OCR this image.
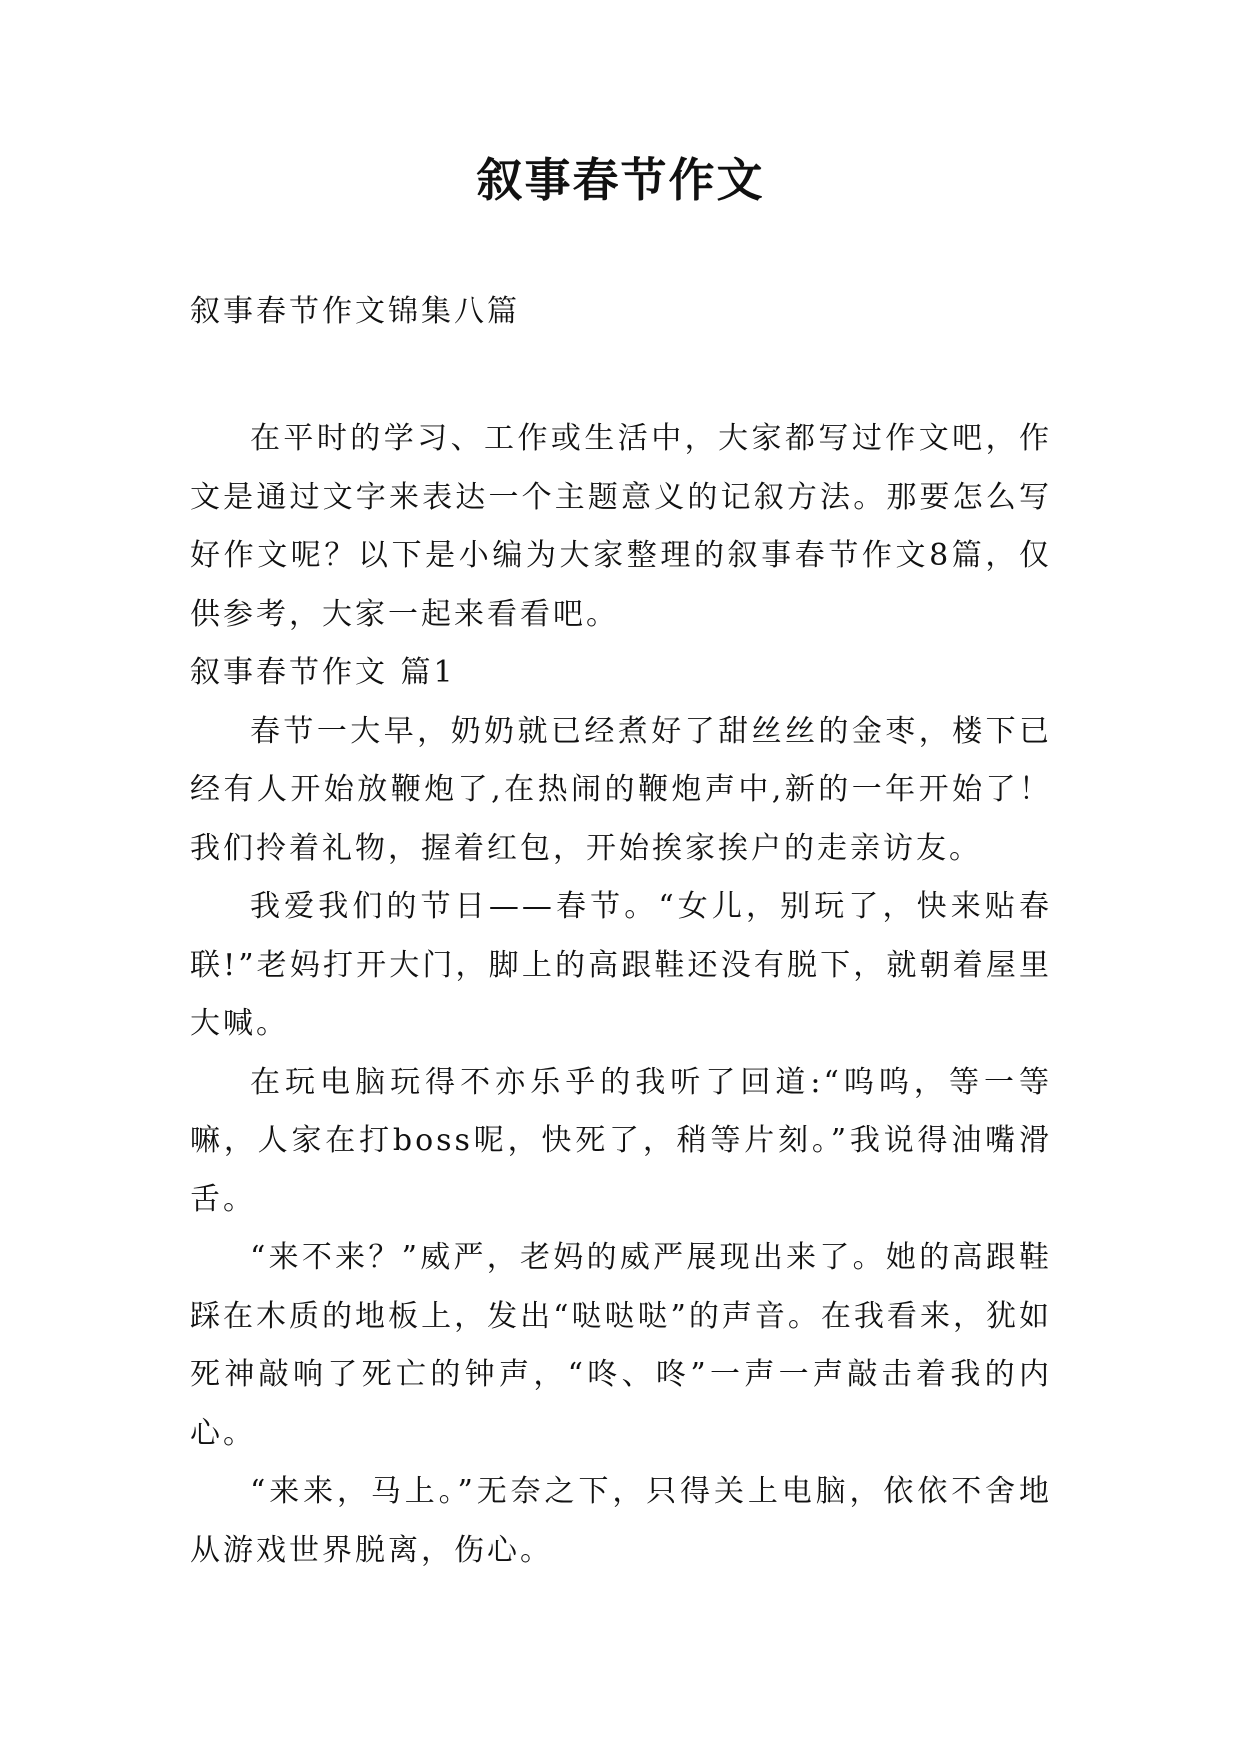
叙事春节作文
叙事春节作文锦集八篇

在平时的学习、工作或生活中，大家都写过作文吧，作文是通过文字来表达一个主题意义的记叙方法。那要怎么写好作文呢？以下是小编为大家整理的叙事春节作文8篇，仅供参考，大家一起来看看吧。

叙事春节作文 篇1

春节一大早，奶奶就已经煮好了甜丝丝的金枣，楼下已经有人开始放鞭炮了,在热闹的鞭炮声中,新的一年开始了！我们拎着礼物，握着红包，开始挨家挨户的走亲访友。

我爱我们的节日——春节。“女儿，别玩了，快来贴春联!”老妈打开大门，脚上的高跟鞋还没有脱下，就朝着屋里大喊。

在玩电脑玩得不亦乐乎的我听了回道:“呜呜，等一等嘛，人家在打boss呢，快死了，稍等片刻。”我说得油嘴滑舌。

“来不来？”威严，老妈的威严展现出来了。她的高跟鞋踩在木质的地板上，发出“哒哒哒”的声音。在我看来，犹如死神敲响了死亡的钟声，“咚、咚”一声一声敲击着我的内心。

“来来，马上。”无奈之下，只得关上电脑，依依不舍地从游戏世界脱离，伤心。
